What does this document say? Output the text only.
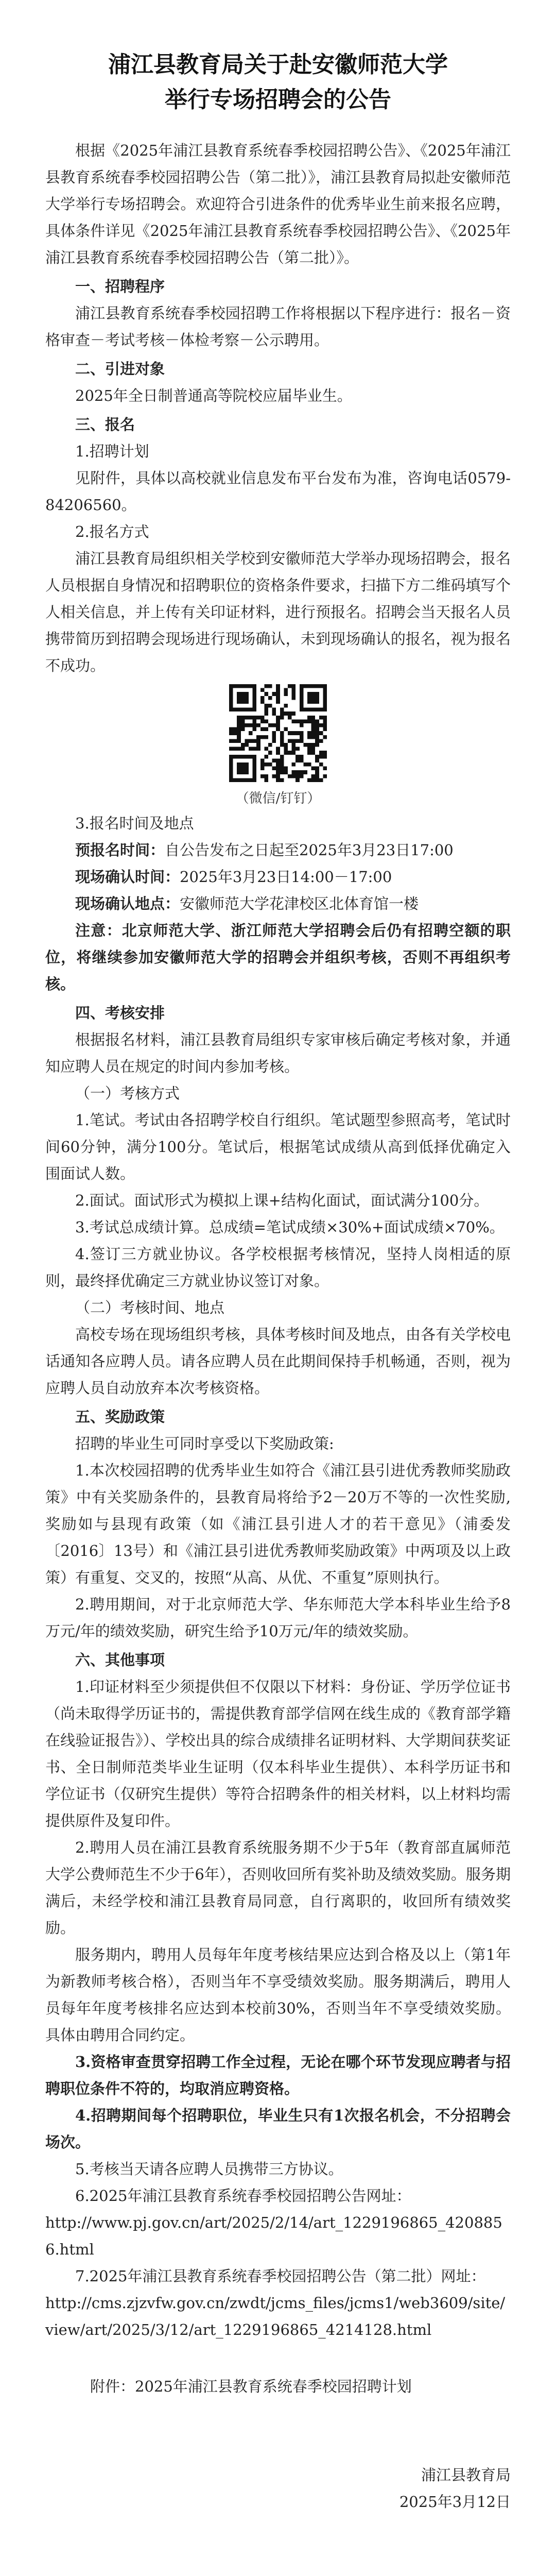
浦江县教育局关于赴安徽师范大学
举行专场招聘会的公告

根据《2025年浦江县教育系统春季校园招聘公告》、《2025年浦江县教育系统春季校园招聘公告（第二批）》，浦江县教育局拟赴安徽师范大学举行专场招聘会。欢迎符合引进条件的优秀毕业生前来报名应聘，具体条件详见《2025年浦江县教育系统春季校园招聘公告》、《2025年浦江县教育系统春季校园招聘公告（第二批）》。

一、招聘程序

浦江县教育系统春季校园招聘工作将根据以下程序进行：报名－资格审查－考试考核－体检考察－公示聘用。

二、引进对象

2025年全日制普通高等院校应届毕业生。

三、报名

1.招聘计划

见附件，具体以高校就业信息发布平台发布为准，咨询电话0579-84206560。

2.报名方式

浦江县教育局组织相关学校到安徽师范大学举办现场招聘会，报名人员根据自身情况和招聘职位的资格条件要求，扫描下方二维码填写个人相关信息，并上传有关印证材料，进行预报名。招聘会当天报名人员携带简历到招聘会现场进行现场确认，未到现场确认的报名，视为报名不成功。

（微信/钉钉）

3.报名时间及地点

预报名时间：自公告发布之日起至2025年3月23日17:00

现场确认时间：2025年3月23日14:00－17:00

现场确认地点：安徽师范大学花津校区北体育馆一楼

注意：北京师范大学、浙江师范大学招聘会后仍有招聘空额的职位，将继续参加安徽师范大学的招聘会并组织考核，否则不再组织考核。

四、考核安排

根据报名材料，浦江县教育局组织专家审核后确定考核对象，并通知应聘人员在规定的时间内参加考核。

（一）考核方式

1.笔试。考试由各招聘学校自行组织。笔试题型参照高考，笔试时间60分钟，满分100分。笔试后，根据笔试成绩从高到低择优确定入围面试人数。

2.面试。面试形式为模拟上课+结构化面试，面试满分100分。

3.考试总成绩计算。总成绩=笔试成绩×30%+面试成绩×70%。

4.签订三方就业协议。各学校根据考核情况，坚持人岗相适的原则，最终择优确定三方就业协议签订对象。

（二）考核时间、地点

高校专场在现场组织考核，具体考核时间及地点，由各有关学校电话通知各应聘人员。请各应聘人员在此期间保持手机畅通，否则，视为应聘人员自动放弃本次考核资格。

五、奖励政策

招聘的毕业生可同时享受以下奖励政策:

1.本次校园招聘的优秀毕业生如符合《浦江县引进优秀教师奖励政策》中有关奖励条件的，县教育局将给予2－20万不等的一次性奖励,奖励如与县现有政策（如《浦江县引进人才的若干意见》（浦委发〔2016〕13号）和《浦江县引进优秀教师奖励政策》中两项及以上政策）有重复、交叉的，按照“从高、从优、不重复”原则执行。

2.聘用期间，对于北京师范大学、华东师范大学本科毕业生给予8万元/年的绩效奖励，研究生给予10万元/年的绩效奖励。

六、其他事项

1.印证材料至少须提供但不仅限以下材料：身份证、学历学位证书（尚未取得学历证书的，需提供教育部学信网在线生成的《教育部学籍在线验证报告》）、学校出具的综合成绩排名证明材料、大学期间获奖证书、全日制师范类毕业生证明（仅本科毕业生提供）、本科学历证书和学位证书（仅研究生提供）等符合招聘条件的相关材料，以上材料均需提供原件及复印件。

2.聘用人员在浦江县教育系统服务期不少于5年（教育部直属师范大学公费师范生不少于6年），否则收回所有奖补助及绩效奖励。服务期满后，未经学校和浦江县教育局同意，自行离职的，收回所有绩效奖励。

服务期内，聘用人员每年年度考核结果应达到合格及以上（第1年为新教师考核合格），否则当年不享受绩效奖励。服务期满后，聘用人员每年年度考核排名应达到本校前30%，否则当年不享受绩效奖励。具体由聘用合同约定。

3.资格审查贯穿招聘工作全过程，无论在哪个环节发现应聘者与招聘职位条件不符的，均取消应聘资格。

4.招聘期间每个招聘职位，毕业生只有1次报名机会，不分招聘会场次。

5.考核当天请各应聘人员携带三方协议。

6.2025年浦江县教育系统春季校园招聘公告网址：

http://www.pj.gov.cn/art/2025/2/14/art_1229196865_4208856.html

7.2025年浦江县教育系统春季校园招聘公告（第二批）网址：

http://cms.zjzvfw.gov.cn/zwdt/jcms_files/jcms1/web3609/site/view/art/2025/3/12/art_1229196865_4214128.html

附件：2025年浦江县教育系统春季校园招聘计划

浦江县教育局

2025年3月12日
